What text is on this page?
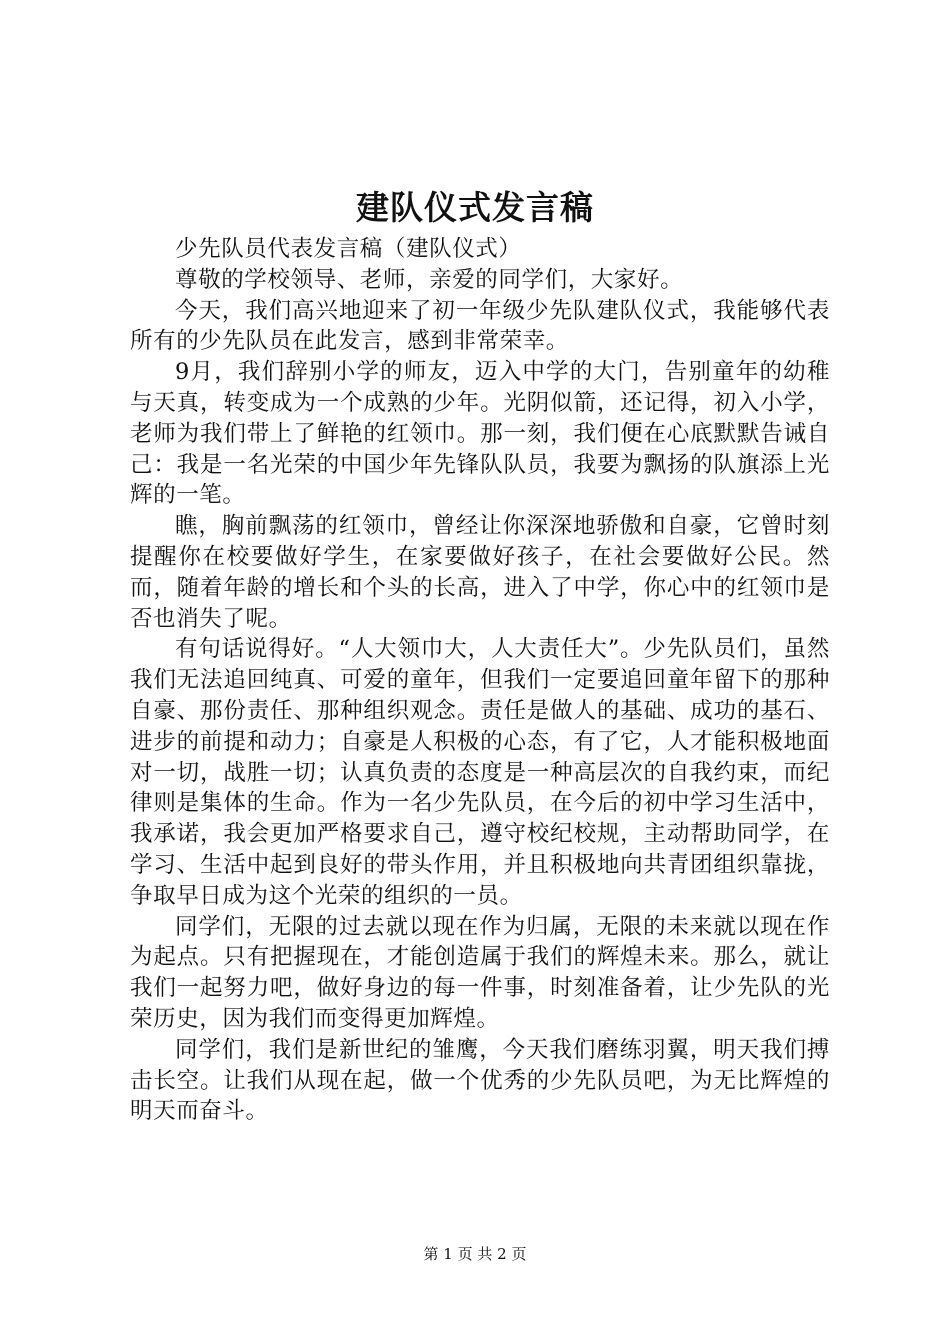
建队仪式发言稿

少先队员代表发言稿（建队仪式）

尊敬的学校领导、老师，亲爱的同学们，大家好。

今天，我们高兴地迎来了初一年级少先队建队仪式，我能够代表所有的少先队员在此发言，感到非常荣幸。

9月，我们辞别小学的师友，迈入中学的大门，告别童年的幼稚与天真，转变成为一个成熟的少年。光阴似箭，还记得，初入小学，老师为我们带上了鲜艳的红领巾。那一刻，我们便在心底默默告诫自己：我是一名光荣的中国少年先锋队队员，我要为飘扬的队旗添上光辉的一笔。

瞧，胸前飘荡的红领巾，曾经让你深深地骄傲和自豪，它曾时刻提醒你在校要做好学生，在家要做好孩子，在社会要做好公民。然而，随着年龄的增长和个头的长高，进入了中学，你心中的红领巾是否也消失了呢。

有句话说得好。“人大领巾大，人大责任大”。少先队员们，虽然我们无法追回纯真、可爱的童年，但我们一定要追回童年留下的那种自豪、那份责任、那种组织观念。责任是做人的基础、成功的基石、进步的前提和动力；自豪是人积极的心态，有了它，人才能积极地面对一切，战胜一切；认真负责的态度是一种高层次的自我约束，而纪律则是集体的生命。作为一名少先队员，在今后的初中学习生活中，我承诺，我会更加严格要求自己，遵守校纪校规，主动帮助同学，在学习、生活中起到良好的带头作用，并且积极地向共青团组织靠拢，争取早日成为这个光荣的组织的一员。

同学们，无限的过去就以现在作为归属，无限的未来就以现在作为起点。只有把握现在，才能创造属于我们的辉煌未来。那么，就让我们一起努力吧，做好身边的每一件事，时刻准备着，让少先队的光荣历史，因为我们而变得更加辉煌。

同学们，我们是新世纪的雏鹰，今天我们磨练羽翼，明天我们搏击长空。让我们从现在起，做一个优秀的少先队员吧，为无比辉煌的明天而奋斗。

第 1 页 共 2 页
